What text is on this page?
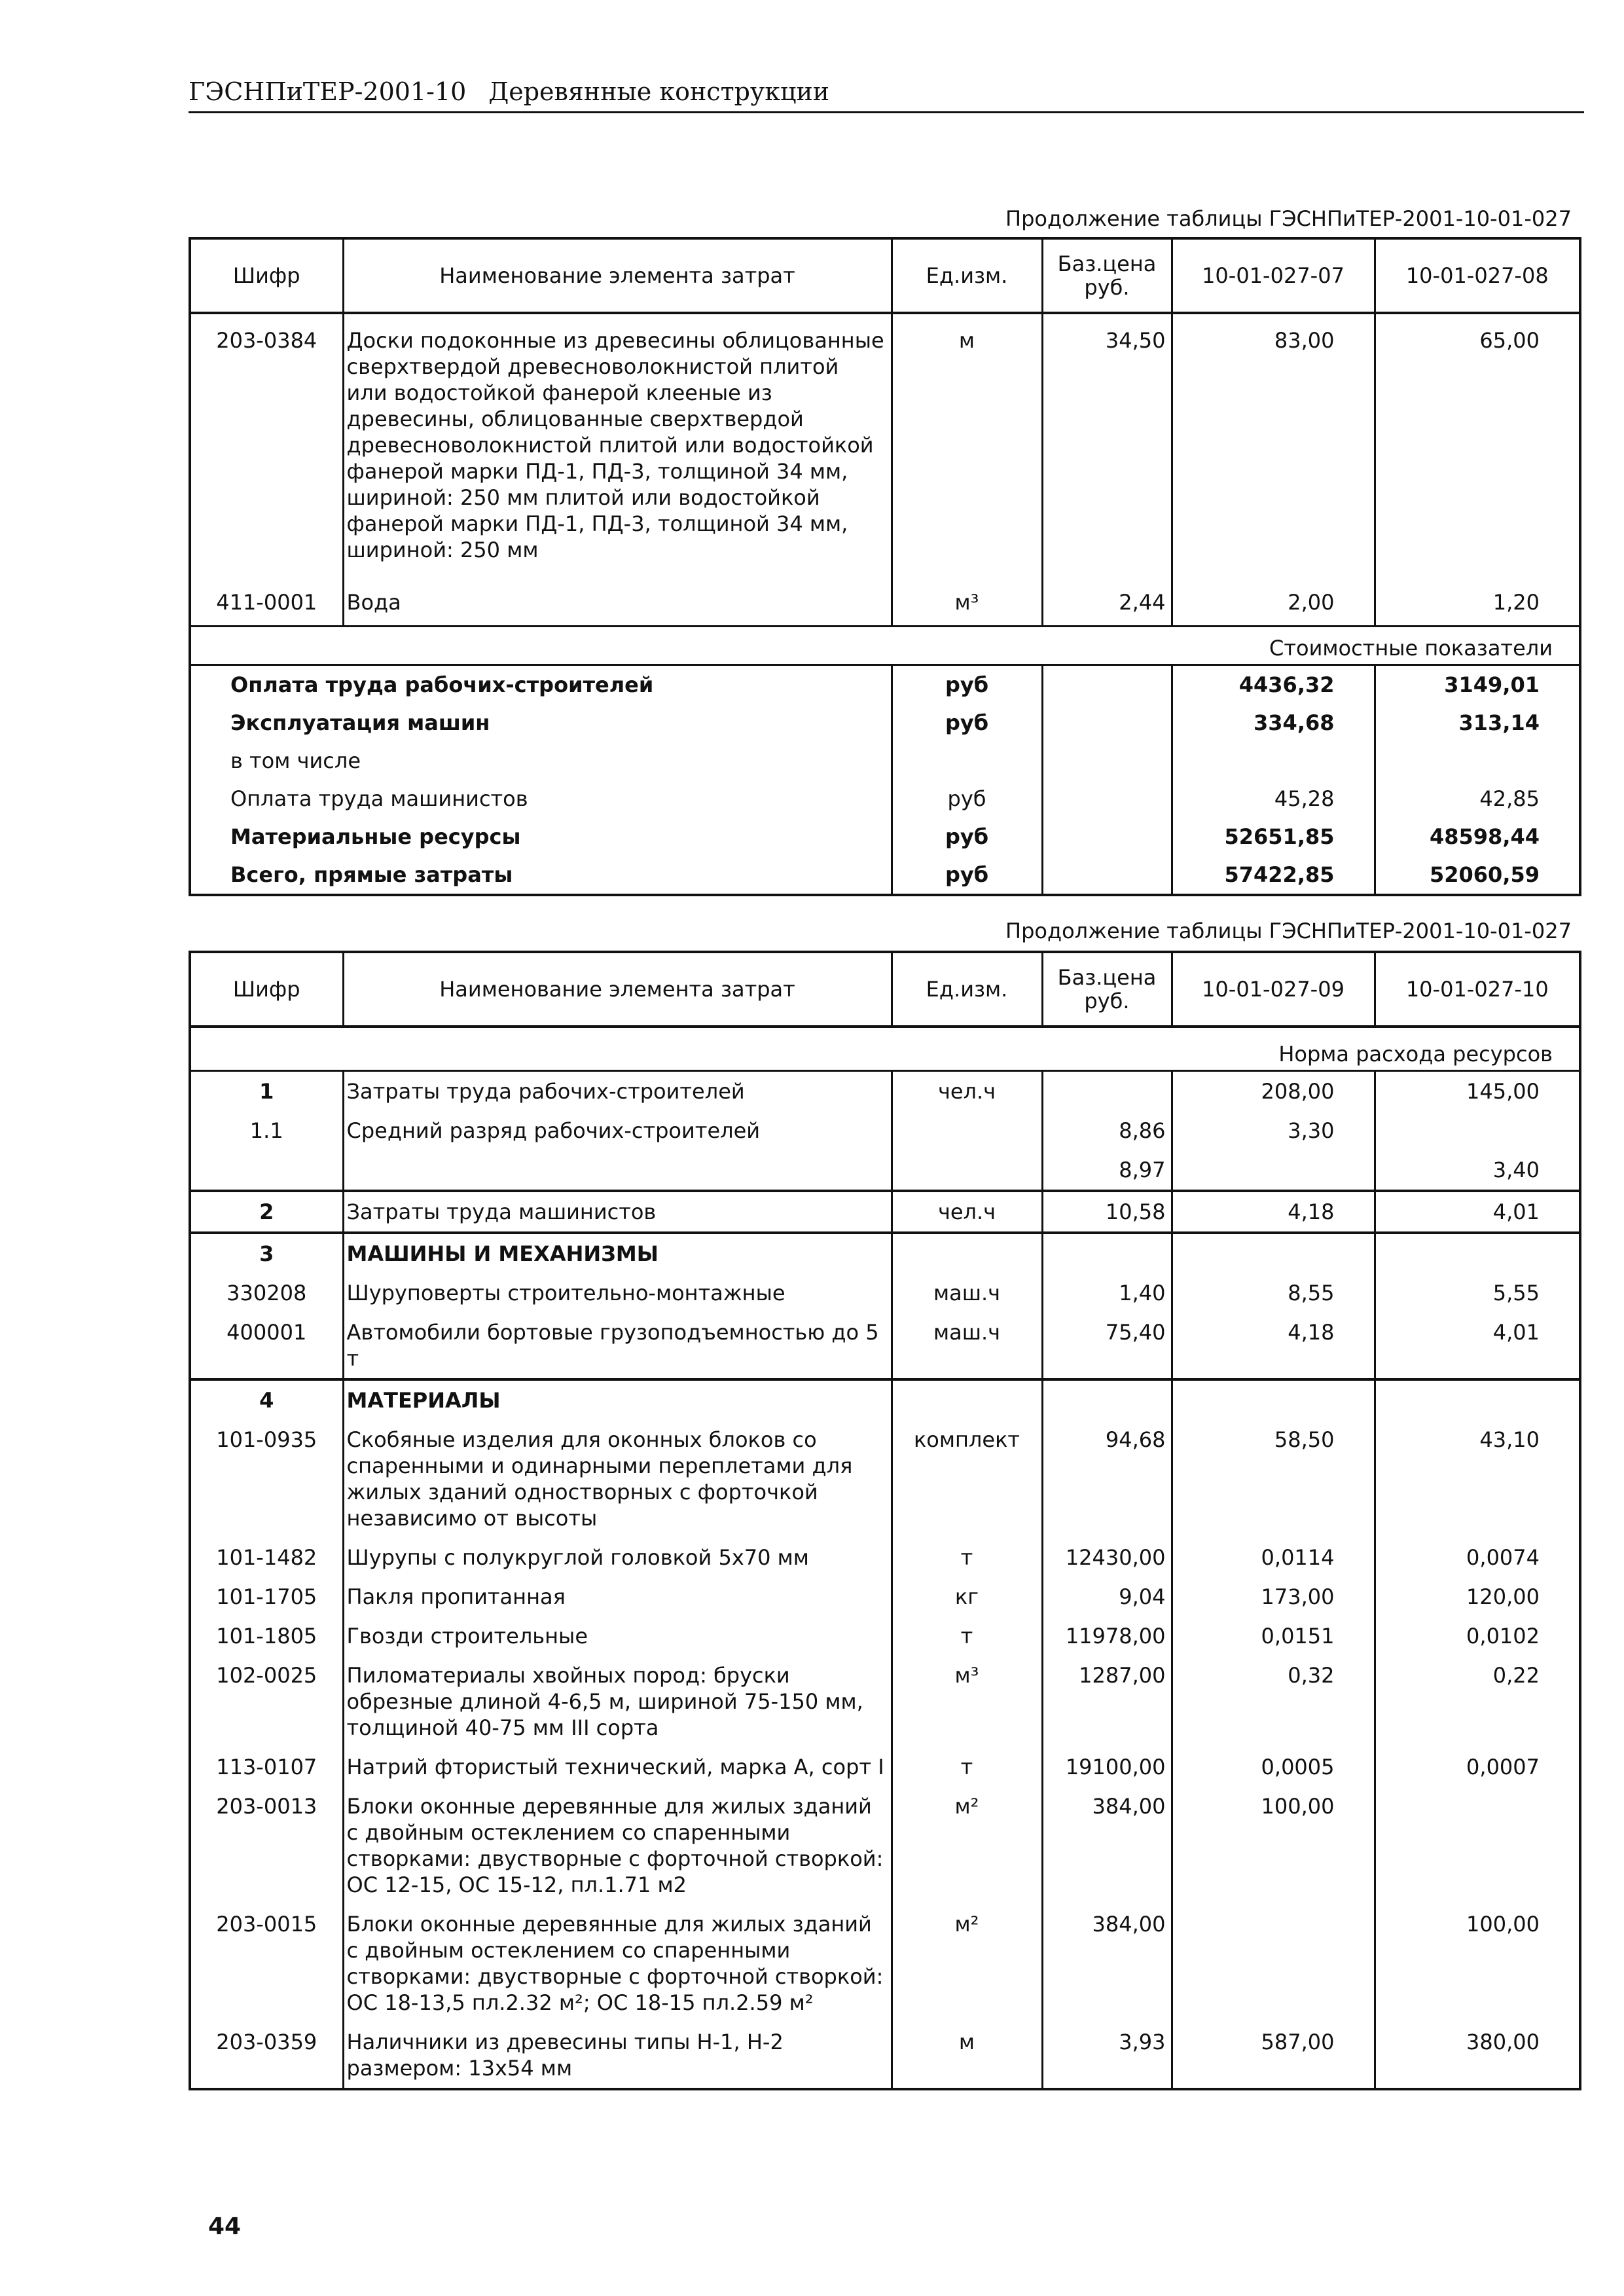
ГЭСНПиТЕР-2001-10 Деревянные конструкции
Продолжение таблицы ГЭСНПиТЕР-2001-10-01-027
Шифр	Наименование элемента затрат	Ед.изм.	Баз.цена руб.	10-01-027-07	10-01-027-08
203-0384	Доски подоконные из древесины облицованные сверхтвердой древесноволокнистой плитой или водостойкой фанерой клееные из древесины, облицованные сверхтвердой древесноволокнистой плитой или водостойкой фанерой марки ПД-1, ПД-3, толщиной 34 мм, шириной: 250 мм плитой или водостойкой фанерой марки ПД-1, ПД-3, толщиной 34 мм, шириной: 250 мм	м	34,50	83,00	65,00
411-0001	Вода	м³	2,44	2,00	1,20
Стоимостные показатели					
Оплата труда рабочих-строителей		руб		4436,32	3149,01
Эксплуатация машин		руб		334,68	313,14
в том числе					
Оплата труда машинистов		руб		45,28	42,85
Материальные ресурсы		руб		52651,85	48598,44
Всего, прямые затраты		руб		57422,85	52060,59
Продолжение таблицы ГЭСНПиТЕР-2001-10-01-027
Шифр	Наименование элемента затрат	Ед.изм.	Баз.цена руб.	10-01-027-09	10-01-027-10
Норма расхода ресурсов					
1	Затраты труда рабочих-строителей	чел.ч		208,00	145,00
1.1	Средний разряд рабочих-строителей		8,86	3,30	
			8,97		3,40
2	Затраты труда машинистов	чел.ч	10,58	4,18	4,01
3	МАШИНЫ И МЕХАНИЗМЫ				
330208	Шуруповерты строительно-монтажные	маш.ч	1,40	8,55	5,55
400001	Автомобили бортовые грузоподъемностью до 5 т	маш.ч	75,40	4,18	4,01
4	МАТЕРИАЛЫ				
101-0935	Скобяные изделия для оконных блоков со спаренными и одинарными переплетами для жилых зданий одностворных с форточкой независимо от высоты	комплект	94,68	58,50	43,10
101-1482	Шурупы с полукруглой головкой 5х70 мм	т	12430,00	0,0114	0,0074
101-1705	Пакля пропитанная	кг	9,04	173,00	120,00
101-1805	Гвозди строительные	т	11978,00	0,0151	0,0102
102-0025	Пиломатериалы хвойных пород: бруски обрезные длиной 4-6,5 м, шириной 75-150 мм, толщиной 40-75 мм III сорта	м³	1287,00	0,32	0,22
113-0107	Натрий фтористый технический, марка А, сорт I	т	19100,00	0,0005	0,0007
203-0013	Блоки оконные деревянные для жилых зданий с двойным остеклением со спаренными створками: двустворные с форточной створкой: ОС 12-15, ОС 15-12, пл.1.71 м2	м²	384,00	100,00	
203-0015	Блоки оконные деревянные для жилых зданий с двойным остеклением со спаренными створками: двустворные с форточной створкой: ОС 18-13,5 пл.2.32 м²; ОС 18-15 пл.2.59 м²	м²	384,00		100,00
203-0359	Наличники из древесины типы Н-1, Н-2 размером: 13х54 мм	м	3,93	587,00	380,00
44
